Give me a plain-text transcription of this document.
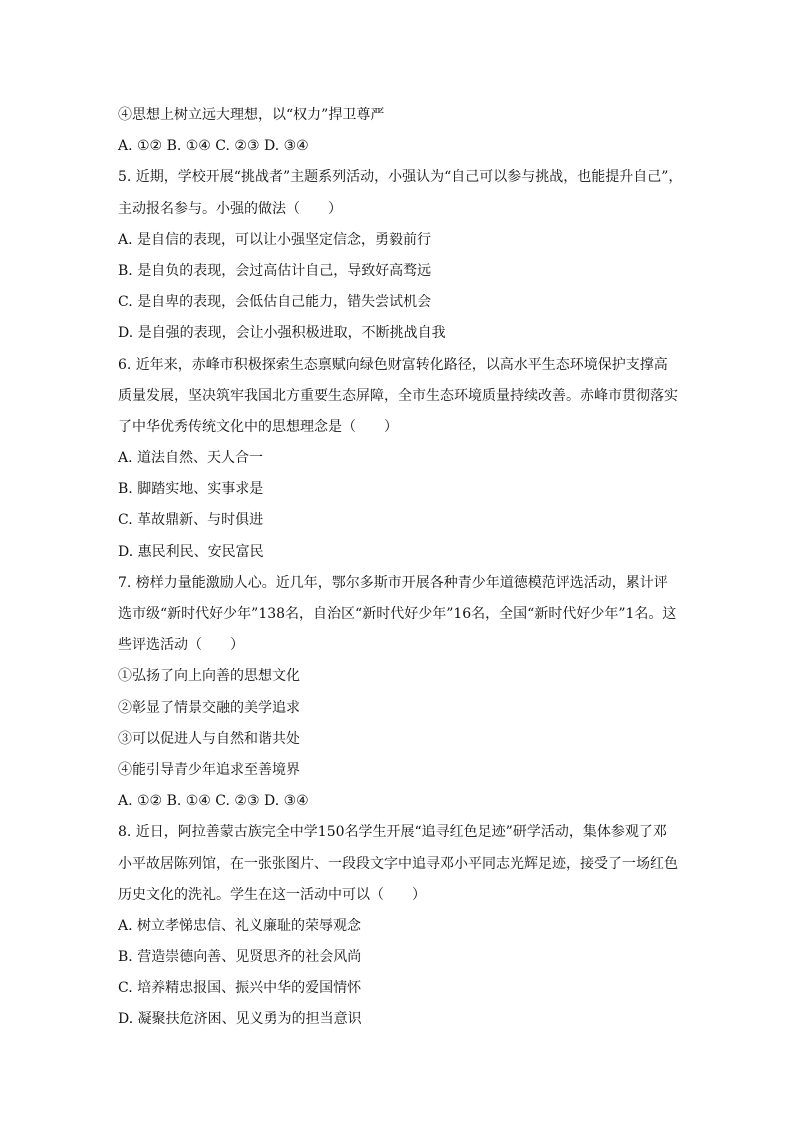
④思想上树立远大理想，以“权力”捍卫尊严

A. ①② B. ①④ C. ②③ D. ③④

5. 近期，学校开展“挑战者”主题系列活动，小强认为“自己可以参与挑战，也能提升自己”，

主动报名参与。小强的做法（　　）

A. 是自信的表现，可以让小强坚定信念，勇毅前行

B. 是自负的表现，会过高估计自己，导致好高骛远

C. 是自卑的表现，会低估自己能力，错失尝试机会

D. 是自强的表现，会让小强积极进取，不断挑战自我

6. 近年来，赤峰市积极探索生态禀赋向绿色财富转化路径，以高水平生态环境保护支撑高

质量发展，坚决筑牢我国北方重要生态屏障，全市生态环境质量持续改善。赤峰市贯彻落实

了中华优秀传统文化中的思想理念是（　　）

A. 道法自然、天人合一

B. 脚踏实地、实事求是

C. 革故鼎新、与时俱进

D. 惠民利民、安民富民

7. 榜样力量能激励人心。近几年，鄂尔多斯市开展各种青少年道德模范评选活动，累计评

选市级“新时代好少年”138名，自治区“新时代好少年”16名，全国“新时代好少年”1名。这

些评选活动（　　）

①弘扬了向上向善的思想文化

②彰显了情景交融的美学追求

③可以促进人与自然和谐共处

④能引导青少年追求至善境界

A. ①② B. ①④ C. ②③ D. ③④

8. 近日，阿拉善蒙古族完全中学150名学生开展“追寻红色足迹”研学活动，集体参观了邓

小平故居陈列馆，在一张张图片、一段段文字中追寻邓小平同志光辉足迹，接受了一场红色

历史文化的洗礼。学生在这一活动中可以（　　）

A. 树立孝悌忠信、礼义廉耻的荣辱观念

B. 营造崇德向善、见贤思齐的社会风尚

C. 培养精忠报国、振兴中华的爱国情怀

D. 凝聚扶危济困、见义勇为的担当意识
